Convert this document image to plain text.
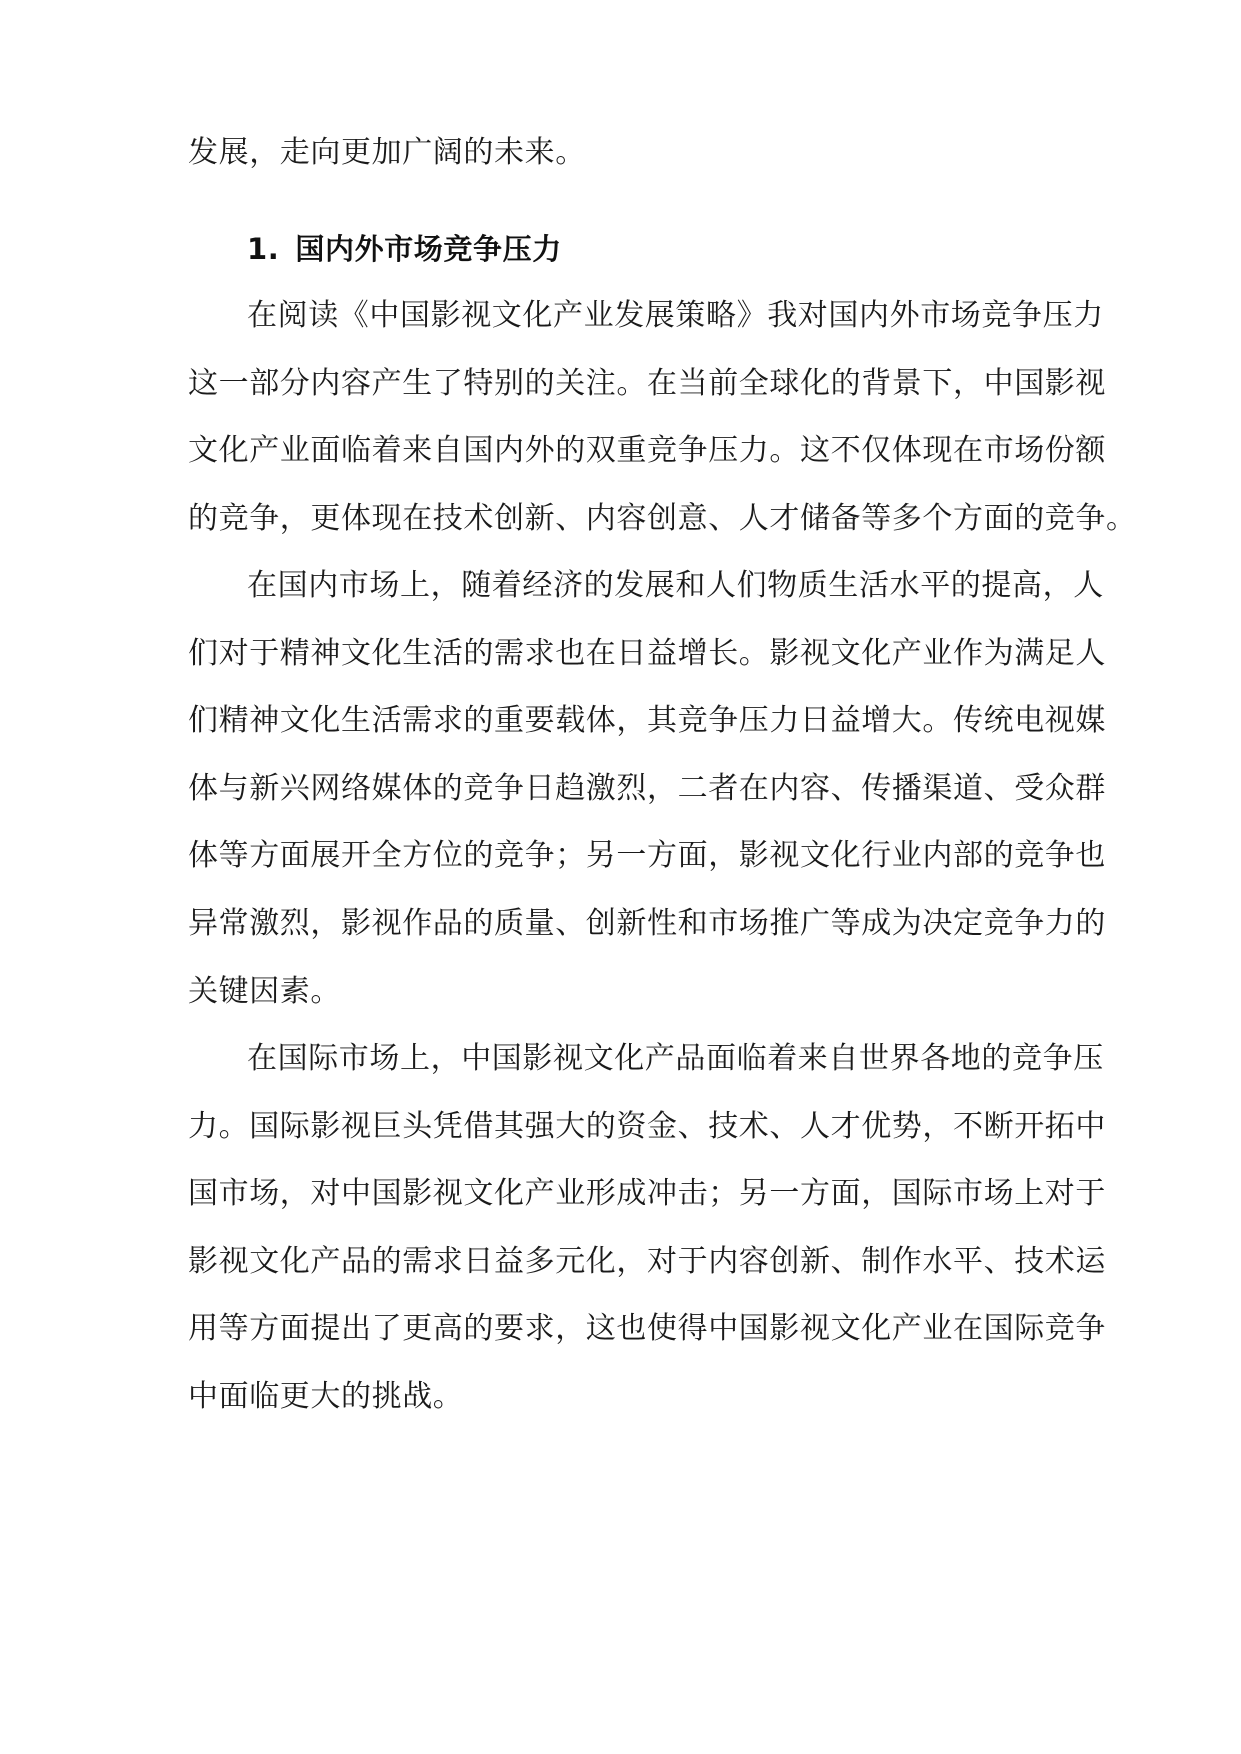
发展，走向更加广阔的未来。

1. 国内外市场竞争压力

在阅读《中国影视文化产业发展策略》我对国内外市场竞争压力

这一部分内容产生了特别的关注。在当前全球化的背景下，中国影视

文化产业面临着来自国内外的双重竞争压力。这不仅体现在市场份额

的竞争，更体现在技术创新、内容创意、人才储备等多个方面的竞争。

在国内市场上，随着经济的发展和人们物质生活水平的提高，人

们对于精神文化生活的需求也在日益增长。影视文化产业作为满足人

们精神文化生活需求的重要载体，其竞争压力日益增大。传统电视媒

体与新兴网络媒体的竞争日趋激烈，二者在内容、传播渠道、受众群

体等方面展开全方位的竞争；另一方面，影视文化行业内部的竞争也

异常激烈，影视作品的质量、创新性和市场推广等成为决定竞争力的

关键因素。

在国际市场上，中国影视文化产品面临着来自世界各地的竞争压

力。国际影视巨头凭借其强大的资金、技术、人才优势，不断开拓中

国市场，对中国影视文化产业形成冲击；另一方面，国际市场上对于

影视文化产品的需求日益多元化，对于内容创新、制作水平、技术运

用等方面提出了更高的要求，这也使得中国影视文化产业在国际竞争

中面临更大的挑战。
